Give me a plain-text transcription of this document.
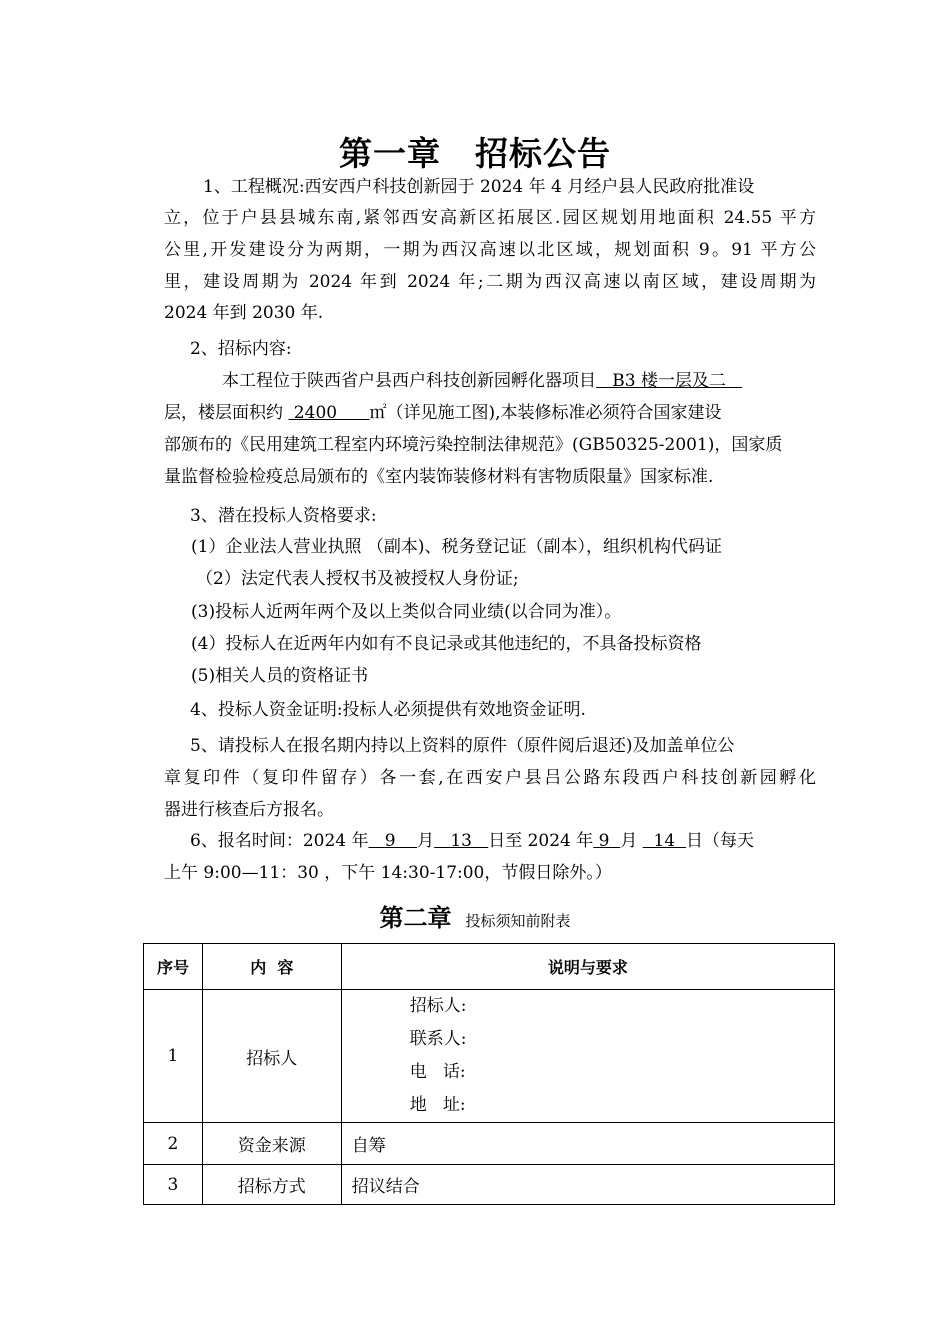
第一章 招标公告
1、工程概况:西安西户科技创新园于 2024 年 4 月经户县人民政府批准设
立，位于户县县城东南,紧邻西安高新区拓展区.园区规划用地面积 24.55 平方
公里,开发建设分为两期，一期为西汉高速以北区域，规划面积 9。91 平方公
里，建设周期为 2024 年到 2024 年;二期为西汉高速以南区域，建设周期为
2024 年到 2030 年.
2、招标内容:
本工程位于陕西省户县西户科技创新园孵化器项目   B3 楼一层及二
层，楼层面积约  2400      ㎡（详见施工图),本装修标准必须符合国家建设
部颁布的《民用建筑工程室内环境污染控制法律规范》(GB50325-2001)，国家质
量监督检验检疫总局颁布的《室内装饰装修材料有害物质限量》国家标准.
3、潜在投标人资格要求:
(1）企业法人营业执照 （副本)、税务登记证（副本），组织机构代码证
（2）法定代表人授权书及被授权人身份证;
(3)投标人近两年两个及以上类似合同业绩(以合同为准）。
(4）投标人在近两年内如有不良记录或其他违纪的，不具备投标资格
(5)相关人员的资格证书
4、投标人资金证明:投标人必须提供有效地资金证明.
5、请投标人在报名期内持以上资料的原件（原件阅后退还)及加盖单位公
章复印件（复印件留存）各一套,在西安户县吕公路东段西户科技创新园孵化
器进行核查后方报名。
6、报名时间：2024 年   9    月   13   日至 2024 年 9  月   14  日（每天
上午 9:00—11：30 ，下午 14:30-17:00，节假日除外。）
第二章 投标须知前附表
序号	内  容	说明与要求
1	招标人	招标人:
联系人:
电   话:
地   址:

2	资金来源	自筹
3	招标方式	招议结合
